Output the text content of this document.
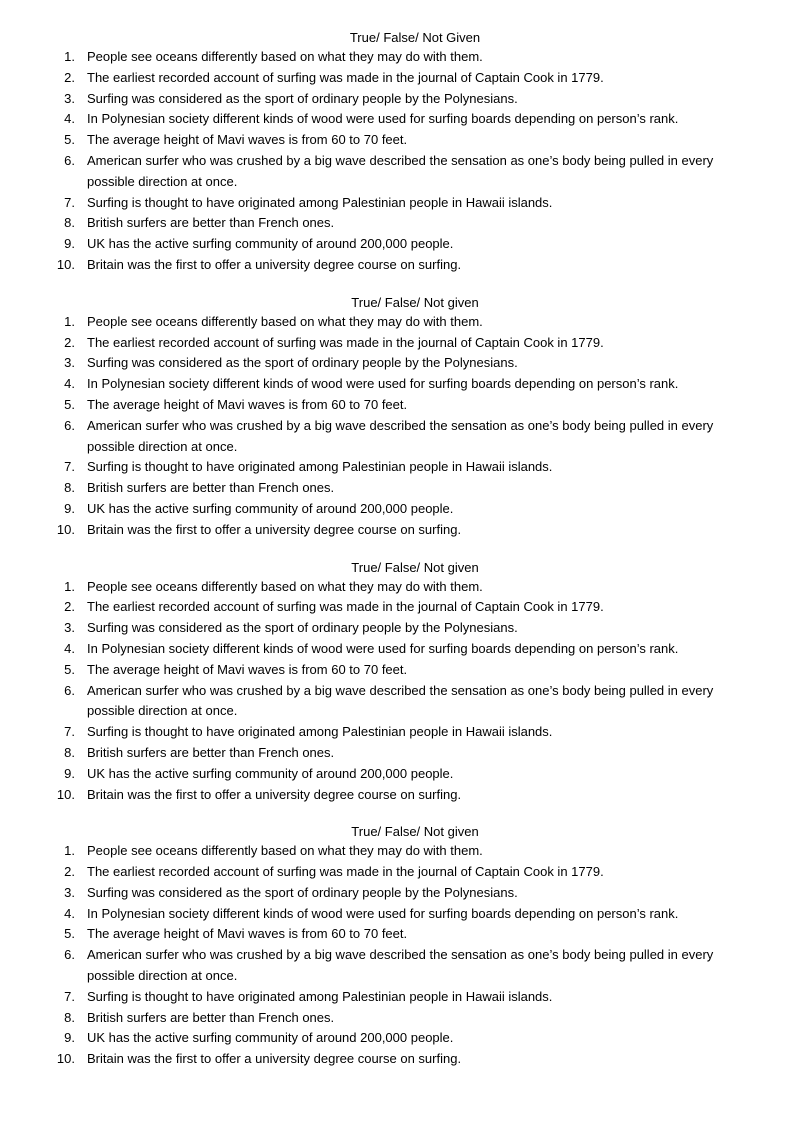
True/ False/ Not Given
1. People see oceans differently based on what they may do with them.
2. The earliest recorded account of surfing was made in the journal of Captain Cook in 1779.
3. Surfing was considered as the sport of ordinary people by the Polynesians.
4. In Polynesian society different kinds of wood were used for surfing boards depending on person’s rank.
5. The average height of Mavi waves is from 60 to 70 feet.
6. American surfer who was crushed by a big wave described the sensation as one’s body being pulled in every possible direction at once.
7. Surfing is thought to have originated among Palestinian people in Hawaii islands.
8. British surfers are better than French ones.
9. UK has the active surfing community of around 200,000 people.
10. Britain was the first to offer a university degree course on surfing.
True/ False/ Not given
1. People see oceans differently based on what they may do with them.
2. The earliest recorded account of surfing was made in the journal of Captain Cook in 1779.
3. Surfing was considered as the sport of ordinary people by the Polynesians.
4. In Polynesian society different kinds of wood were used for surfing boards depending on person’s rank.
5. The average height of Mavi waves is from 60 to 70 feet.
6. American surfer who was crushed by a big wave described the sensation as one’s body being pulled in every possible direction at once.
7. Surfing is thought to have originated among Palestinian people in Hawaii islands.
8. British surfers are better than French ones.
9. UK has the active surfing community of around 200,000 people.
10. Britain was the first to offer a university degree course on surfing.
True/ False/ Not given
1. People see oceans differently based on what they may do with them.
2. The earliest recorded account of surfing was made in the journal of Captain Cook in 1779.
3. Surfing was considered as the sport of ordinary people by the Polynesians.
4. In Polynesian society different kinds of wood were used for surfing boards depending on person’s rank.
5. The average height of Mavi waves is from 60 to 70 feet.
6. American surfer who was crushed by a big wave described the sensation as one’s body being pulled in every possible direction at once.
7. Surfing is thought to have originated among Palestinian people in Hawaii islands.
8. British surfers are better than French ones.
9. UK has the active surfing community of around 200,000 people.
10. Britain was the first to offer a university degree course on surfing.
True/ False/ Not given
1. People see oceans differently based on what they may do with them.
2. The earliest recorded account of surfing was made in the journal of Captain Cook in 1779.
3. Surfing was considered as the sport of ordinary people by the Polynesians.
4. In Polynesian society different kinds of wood were used for surfing boards depending on person’s rank.
5. The average height of Mavi waves is from 60 to 70 feet.
6. American surfer who was crushed by a big wave described the sensation as one’s body being pulled in every possible direction at once.
7. Surfing is thought to have originated among Palestinian people in Hawaii islands.
8. British surfers are better than French ones.
9. UK has the active surfing community of around 200,000 people.
10. Britain was the first to offer a university degree course on surfing.
